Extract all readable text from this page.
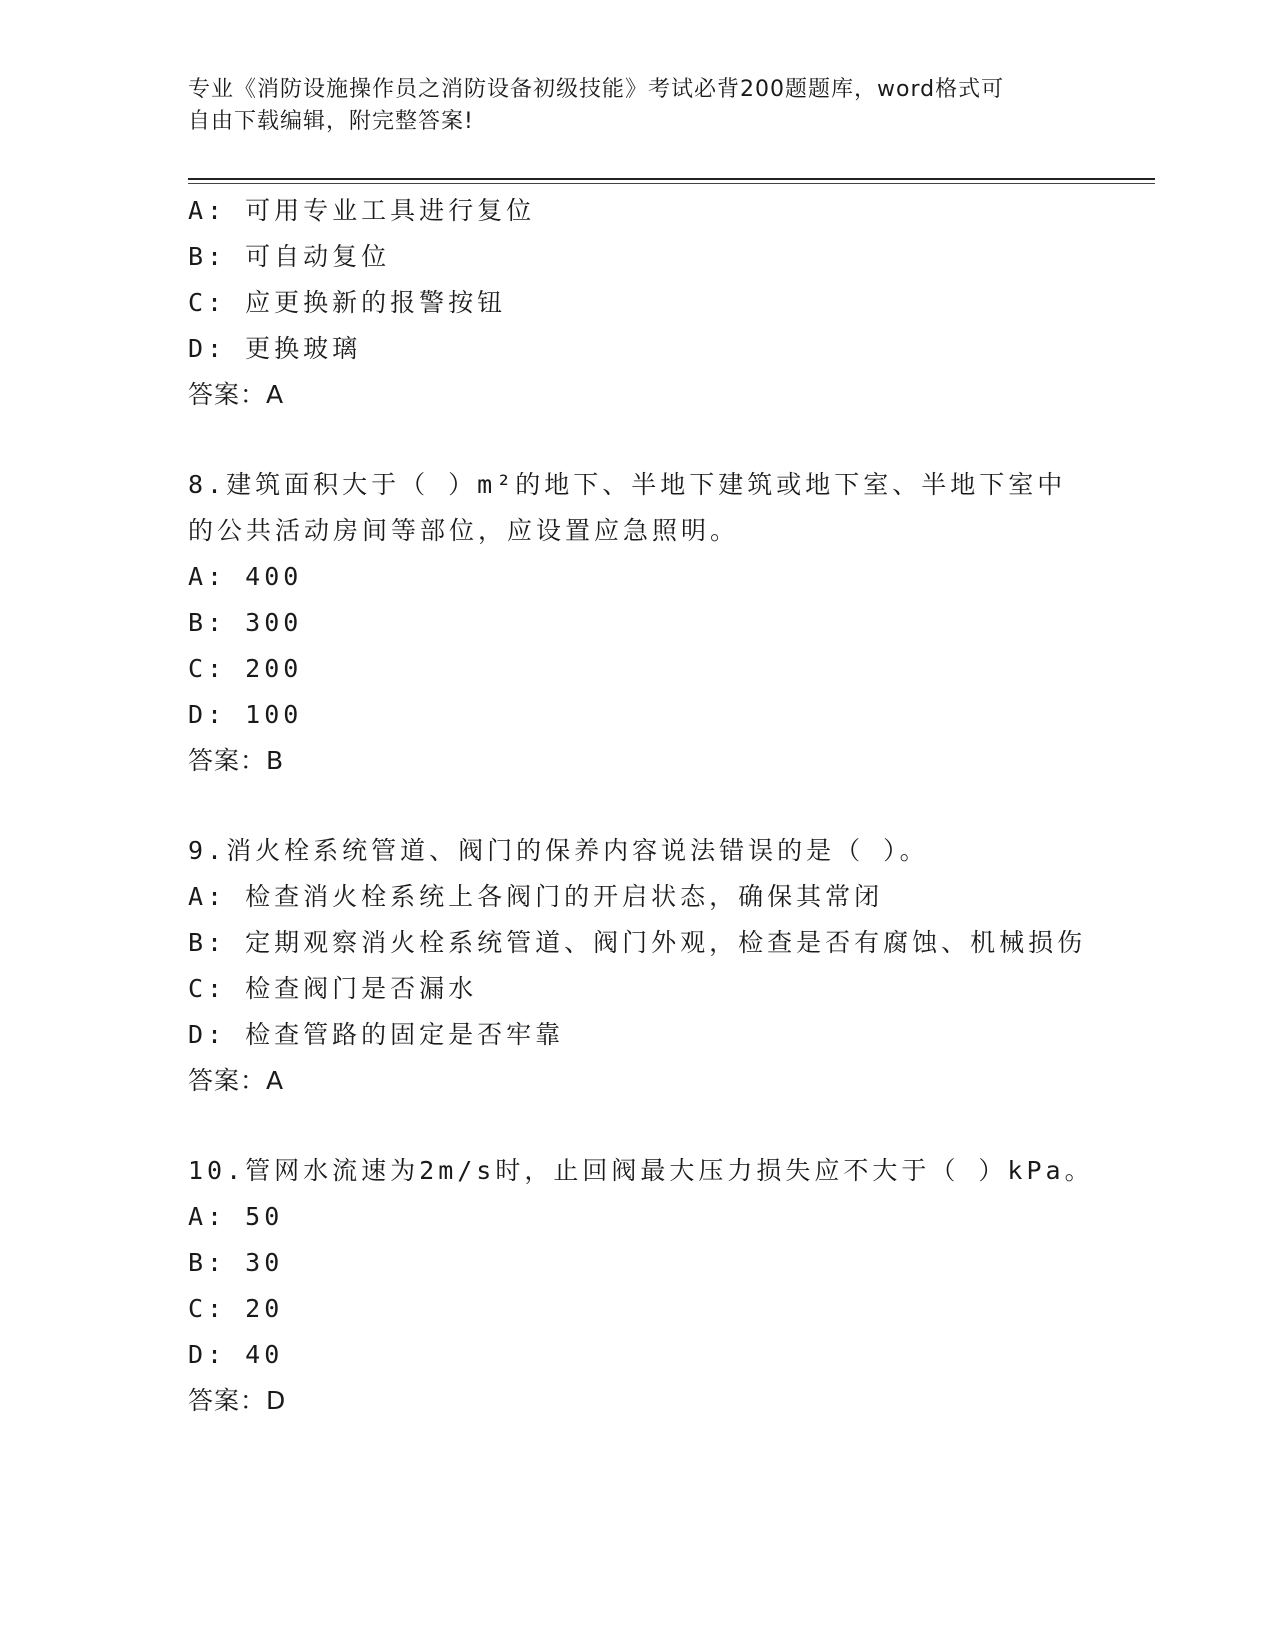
专业《消防设施操作员之消防设备初级技能》考试必背200题题库，word格式可
自由下载编辑，附完整答案!
A: 可用专业工具进行复位
B: 可自动复位
C: 应更换新的报警按钮
D: 更换玻璃
答案：A
8.建筑面积大于（ ）m²的地下、半地下建筑或地下室、半地下室中
的公共活动房间等部位，应设置应急照明。
A: 400
B: 300
C: 200
D: 100
答案：B
9.消火栓系统管道、阀门的保养内容说法错误的是（ ）。
A: 检查消火栓系统上各阀门的开启状态，确保其常闭
B: 定期观察消火栓系统管道、阀门外观，检查是否有腐蚀、机械损伤
C: 检查阀门是否漏水
D: 检查管路的固定是否牢靠
答案：A
10.管网水流速为2m/s时，止回阀最大压力损失应不大于（ ）kPa。
A: 50
B: 30
C: 20
D: 40
答案：D
